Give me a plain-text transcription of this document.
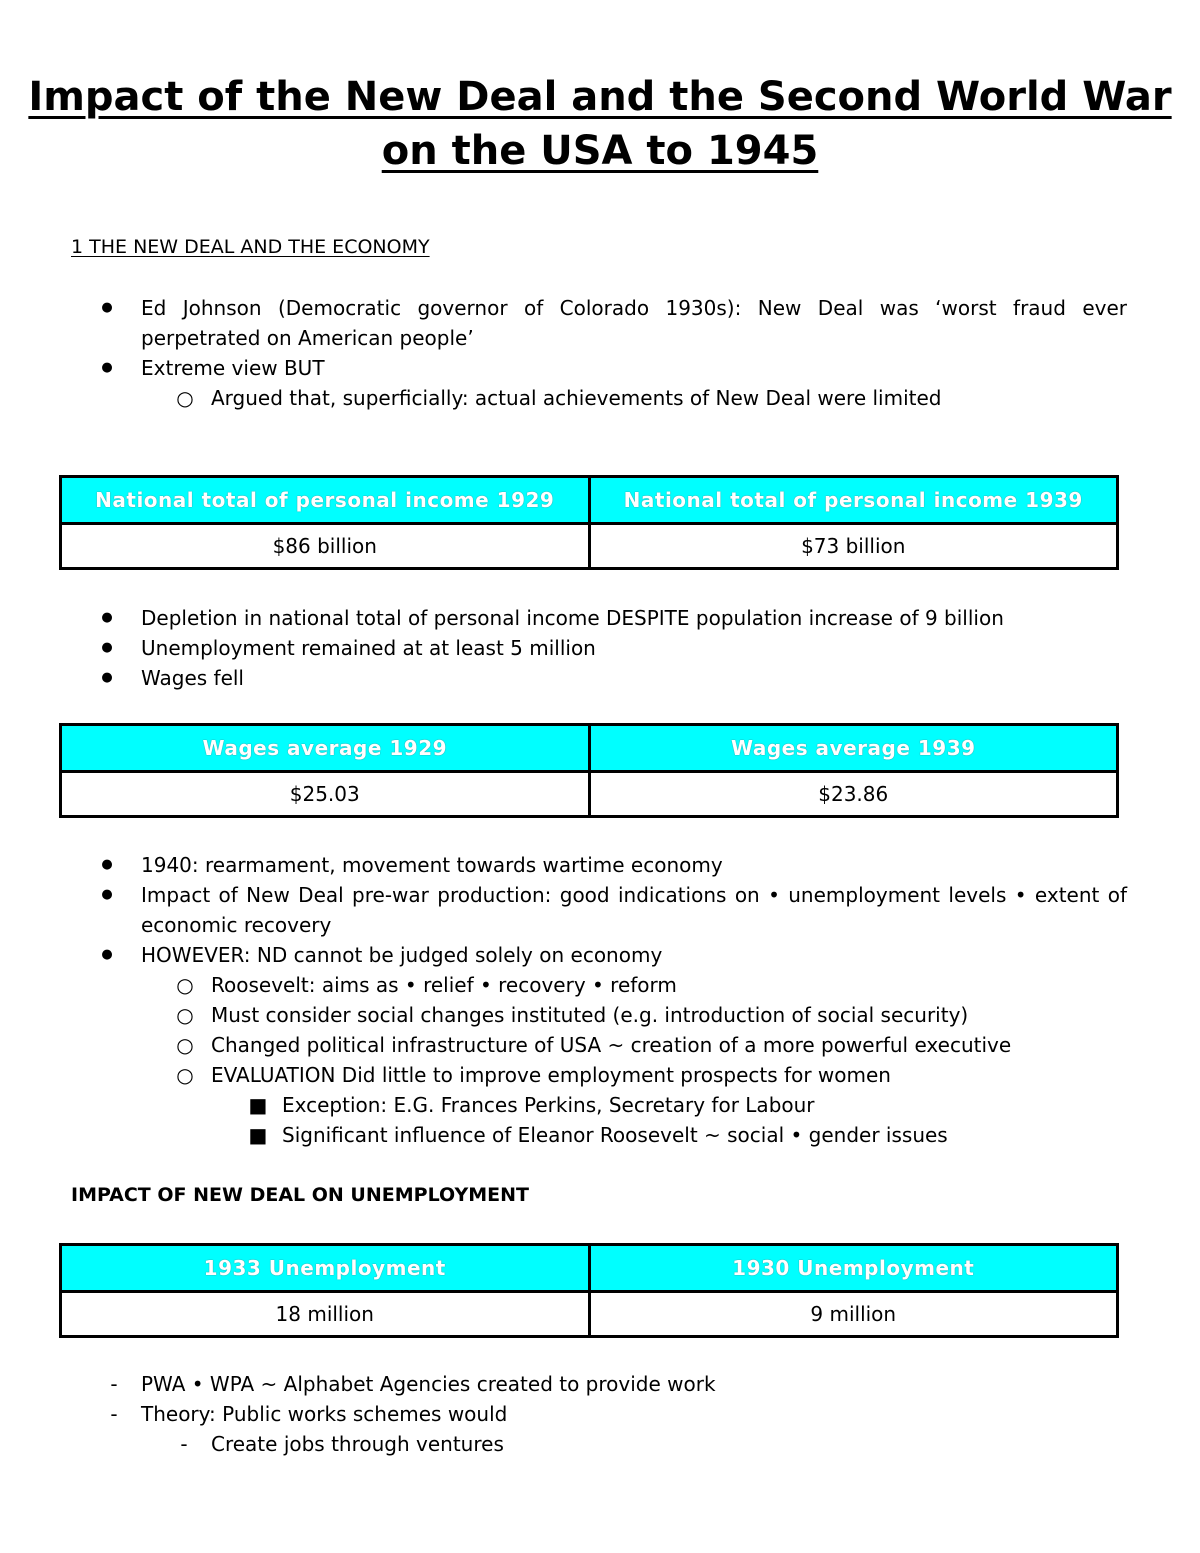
Impact of the New Deal and the Second World War on the USA to 1945
1 THE NEW DEAL AND THE ECONOMY
● Ed Johnson (Democratic governor of Colorado 1930s): New Deal was ‘worst fraud ever perpetrated on American people’
● Extreme view BUT
○ Argued that, superficially: actual achievements of New Deal were limited
National total of personal income 1929	National total of personal income 1939
$86 billion	$73 billion
● Depletion in national total of personal income DESPITE population increase of 9 billion
● Unemployment remained at at least 5 million
● Wages fell
Wages average 1929	Wages average 1939
$25.03	$23.86
● 1940: rearmament, movement towards wartime economy
● Impact of New Deal pre-war production: good indications on • unemployment levels • extent of economic recovery
● HOWEVER: ND cannot be judged solely on economy
○ Roosevelt: aims as • relief • recovery • reform
○ Must consider social changes instituted (e.g. introduction of social security)
○ Changed political infrastructure of USA ~ creation of a more powerful executive
○ EVALUATION Did little to improve employment prospects for women
■ Exception: E.G. Frances Perkins, Secretary for Labour
■ Significant influence of Eleanor Roosevelt ~ social • gender issues
IMPACT OF NEW DEAL ON UNEMPLOYMENT
1933 Unemployment	1930 Unemployment
18 million	9 million
-	PWA • WPA ~ Alphabet Agencies created to provide work
-	Theory: Public works schemes would
-	Create jobs through ventures
